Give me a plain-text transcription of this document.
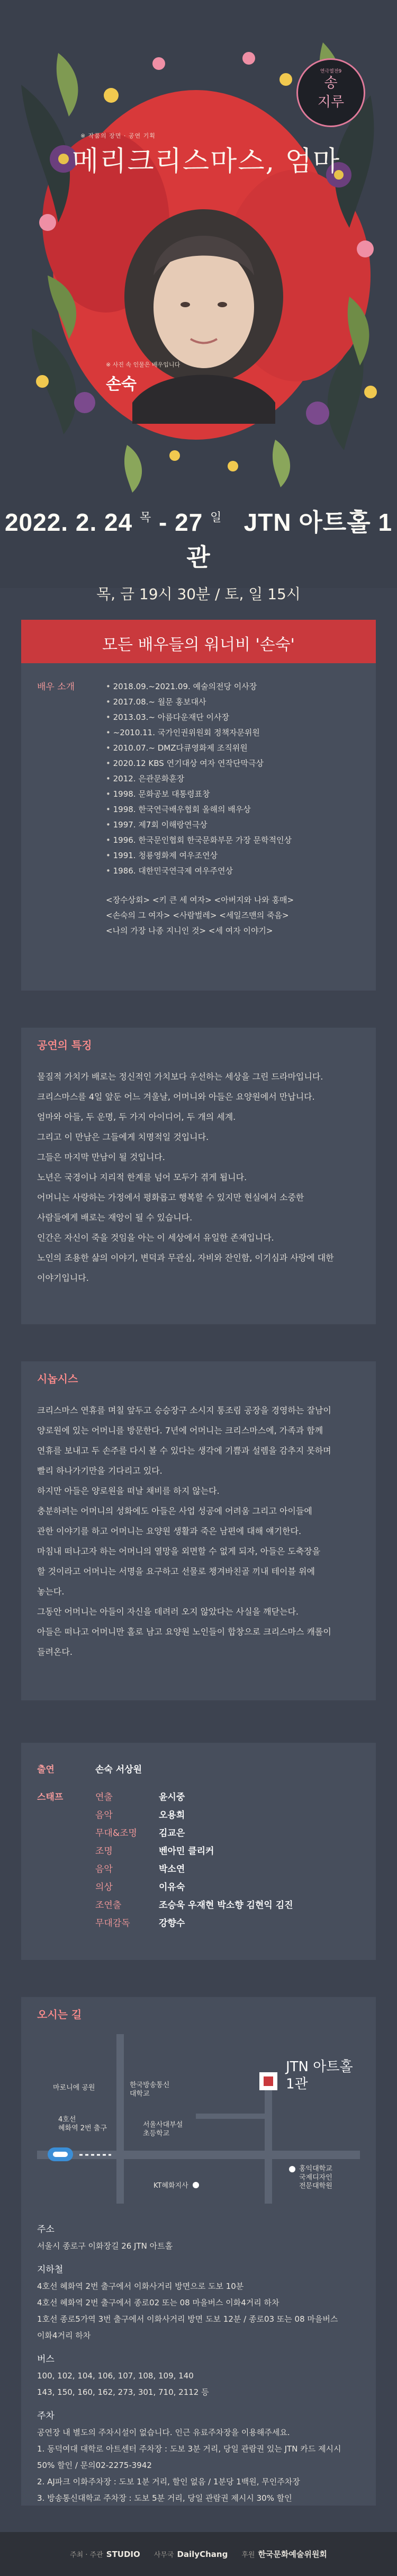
연극열전9
송
지루
※ 작품의 장면 · 공연 기획
메리크리스마스, 엄마
※ 사진 속 인물은 배우입니다
손숙
2022. 2. 24 $^목$ - 27 $^일$ JTN 아트홀 1관
목, 금 19시 30분 / 토, 일 15시
모든 배우들의 워너비 '손숙'
배우 소개
•	2018.09.~2021.09. 예술의전당 이사장
• 2017.08.~ 월문 홍보대사
• 2013.03.~ 아름다운재단 이사장
• ~2010.11. 국가인권위원회 정책자문위원
• 2010.07.~ DMZ다큐영화제 조직위원
• 2020.12 KBS 연기대상 여자 연작단막극상
• 2012. 은관문화훈장
• 1998. 문화공보 대통령표창
• 1998. 한국연극배우협회 올해의 배우상
• 1997. 제7회 이해랑연극상
• 1996. 한국문인협회 한국문화부문 가장 문학적인상
• 1991. 청룡영화제 여우조연상
• 1986. 대한민국연극제 여우주연상
<장수상회> <키 큰 세 여자> <아버지와 나와 홍매>
<손숙의 그 여자> <사람벌레> <세일즈맨의 죽음>
<나의 가장 나종 지니인 것> <세 여자 이야기>
공연의 특징
물질적 가치가 배로는 정신적인 가치보다 우선하는 세상을 그린 드라마입니다.
크리스마스를 4일 앞둔 어느 겨울날, 어머니와 아들은 요양원에서 만납니다.
엄마와 아들, 두 운명, 두 가지 아이디어, 두 개의 세계.
그리고 이 만남은 그들에게 치명적일 것입니다.
그들은 마지막 만남이 될 것입니다.
노년은 국경이나 지리적 한계를 넘어 모두가 겪게 됩니다.
어머니는 사랑하는 가정에서 평화롭고 행복할 수 있지만 현실에서 소중한
사람들에게 배로는 재앙이 될 수 있습니다.
인간은 자신이 죽을 것임을 아는 이 세상에서 유일한 존재입니다.
노인의 조용한 삶의 이야기, 변덕과 무관심, 자비와 잔인함, 이기심과 사랑에 대한
이야기입니다.
시놉시스
크리스마스 연휴를 며칠 앞두고 승승장구 소시지 통조림 공장을 경영하는 잘남이
양로원에 있는 어머니를 방문한다. 7년에 어머니는 크리스마스에, 가족과 함께
연휴를 보내고 두 손주를 다시 볼 수 있다는 생각에 기쁨과 설렘을 감추지 못하며
빨리 하나가기만을 기다리고 있다.
하지만 아들은 양로원을 떠날 채비를 하지 않는다.
충분하려는 어머니의 성화에도 아들은 사업 성공에 어려움 그리고 아이들에
관한 이야기를 하고 어머니는 요양원 생활과 죽은 남편에 대해 얘기한다.
마침내 떠나고자 하는 어머니의 열망을 외면할 수 없게 되자, 아들은 도축장을
할 것이라고 어머니는 서명을 요구하고 선물로 챙겨바친골 끼내 테이블 위에
놓는다.
그동안 어머니는 아들이 자신을 데려러 오지 않았다는 사실을 깨닫는다.
아들은 떠나고 어머니만 홀로 남고 요양원 노인들이 합창으로 크리스마스 캐롤이
들려온다.
출연	손숙 서상원
스태프	연출	윤시중
음악	오용희
무대&조명	김교은
조명	벤아민 클리커
음악	박소연
의상	이유숙
조연출	조승욱 우재현 박소향 김현익 김진
무대감독	강향수
오시는 길
마로니에 공원	한국방송통신 대학교
서울사대부설 초등학교
4호선 혜화역 2번 출구
JTN 아트홀 1관
KT혜화지사
홍익대학교 국제디자인 전문대학원
주소
서울시 종로구 이화장길 26 JTN 아트홀
지하철
4호선 혜화역 2번 출구에서 이화사거리 방면으로 도보 10분
4호선 혜화역 2번 출구에서 종로02 또는 08 마을버스 이화4거리 하차
1호선 종로5가역 3번 출구에서 이화사거리 방면 도보 12분 / 종로03 또는 08 마을버스
이화4거리 하차
버스
100, 102, 104, 106, 107, 108, 109, 140
143, 150, 160, 162, 273, 301, 710, 2112 등
주차
공연장 내 별도의 주차시설이 없습니다. 인근 유료주차장을 이용해주세요.
1. 동덕여대 대학로 아트센터 주차장 : 도보 3분 거리, 당일 관람권 있는 JTN 카드 제시시
50% 할인 / 문의02-2275-3942
2. AJ파크 이화주차장 : 도보 1분 거리, 할인 없음 / 1분당 1백원, 무인주차장
3. 방송통신대학교 주차장 : 도보 5분 거리, 당일 관람권 제시시 30% 할인
주최 · 주관 STUDIO 사무국 DailyChang 후원 한국문화예술위원회
